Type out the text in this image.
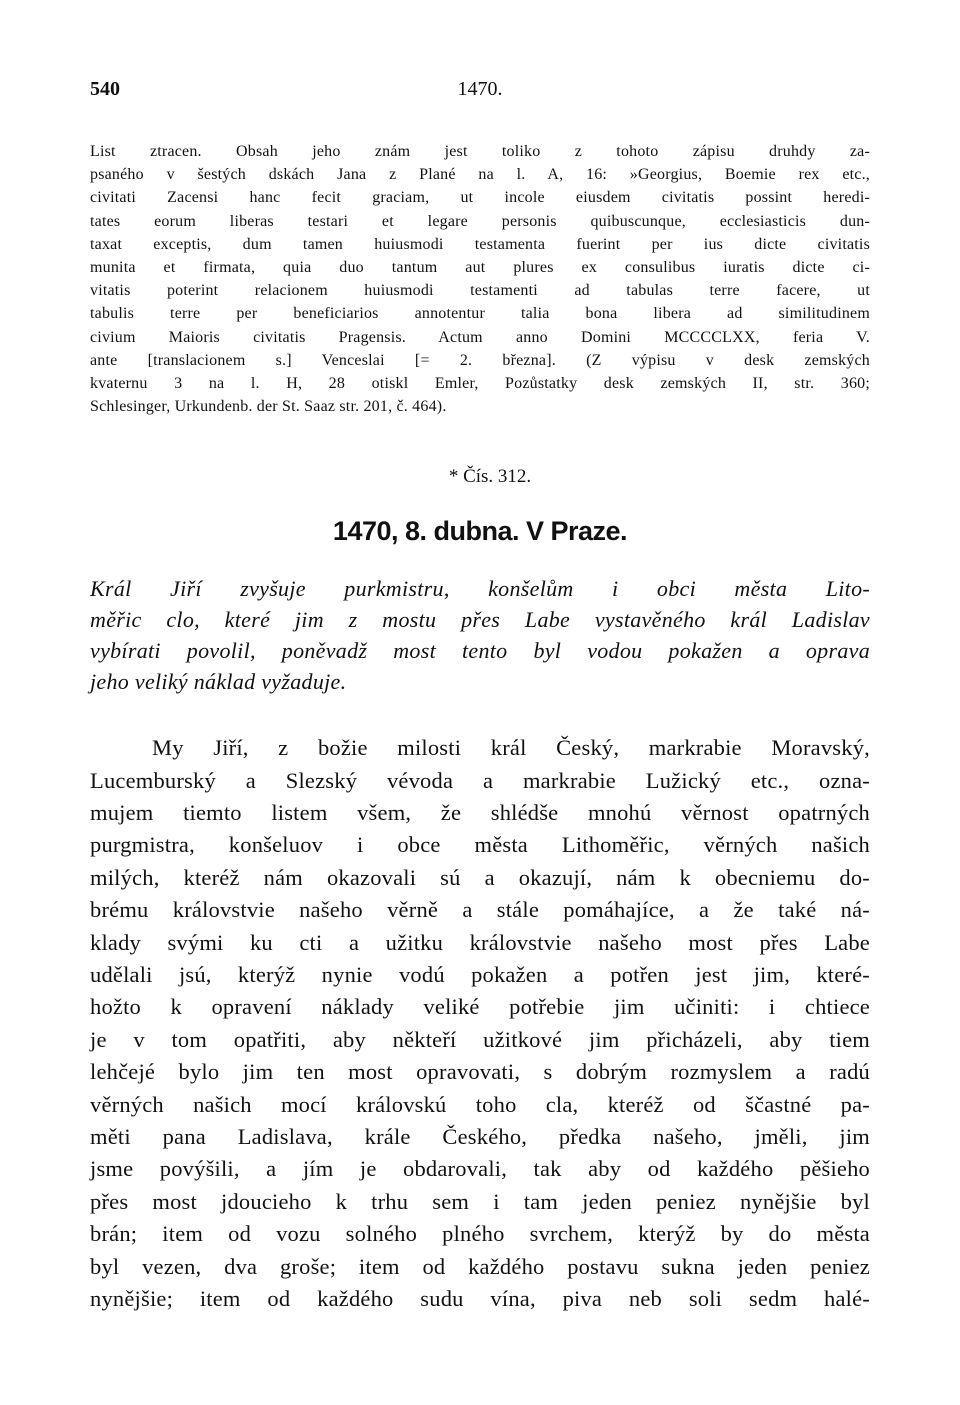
540	1470.
List ztracen. Obsah jeho znám jest toliko z tohoto zápisu druhdy za-
psaného v šestých dskách Jana z Plané na l. A, 16: »Georgius, Boemie rex etc.,
civitati Zacensi hanc fecit graciam, ut incole eiusdem civitatis possint heredi-
tates eorum liberas testari et legare personis quibuscunque, ecclesiasticis dun-
taxat exceptis, dum tamen huiusmodi testamenta fuerint per ius dicte civitatis
munita et firmata, quia duo tantum aut plures ex consulibus iuratis dicte ci-
vitatis poterint relacionem huiusmodi testamenti ad tabulas terre facere, ut
tabulis terre per beneficiarios annotentur talia bona libera ad similitudinem
civium Maioris civitatis Pragensis. Actum anno Domini MCCCCLXX, feria V.
ante [translacionem s.] Venceslai [= 2. března]. (Z výpisu v desk zemských
kvaternu 3 na l. H, 28 otiskl Emler, Pozůstatky desk zemských II, str. 360;
Schlesinger, Urkundenb. der St. Saaz str. 201, č. 464).
* Čís. 312.
1470, 8. dubna. V Praze.
Král Jiří zvyšuje purkmistru, konšelům i obci města Lito-
měřic clo, které jim z mostu přes Labe vystavěného král Ladislav
vybírati povolil, poněvadž most tento byl vodou pokažen a oprava
jeho veliký náklad vyžaduje.
My Jiří, z božie milosti král Český, markrabie Moravský,
Lucemburský a Slezský vévoda a markrabie Lužický etc., ozna-
mujem tiemto listem všem, že shlédše mnohú věrnost opatrných
purgmistra, konšeluov i obce města Lithoměřic, věrných našich
milých, kteréž nám okazovali sú a okazují, nám k obecniemu do-
brému královstvie našeho věrně a stále pomáhajíce, a že také ná-
klady svými ku cti a užitku královstvie našeho most přes Labe
udělali jsú, kterýž nynie vodú pokažen a potřen jest jim, které-
hožto k opravení náklady veliké potřebie jim učiniti: i chtiece
je v tom opatřiti, aby někteří užitkové jim přicházeli, aby tiem
lehčejé bylo jim ten most opravovati, s dobrým rozmyslem a radú
věrných našich mocí královskú toho cla, kteréž od ščastné pa-
měti pana Ladislava, krále Českého, předka našeho, jměli, jim
jsme povýšili, a jím je obdarovali, tak aby od každého pěšieho
přes most jdoucieho k trhu sem i tam jeden peniez nynějšie byl
brán; item od vozu solného plného svrchem, kterýž by do města
byl vezen, dva groše; item od každého postavu sukna jeden peniez
nynějšie; item od každého sudu vína, piva neb soli sedm halé-
